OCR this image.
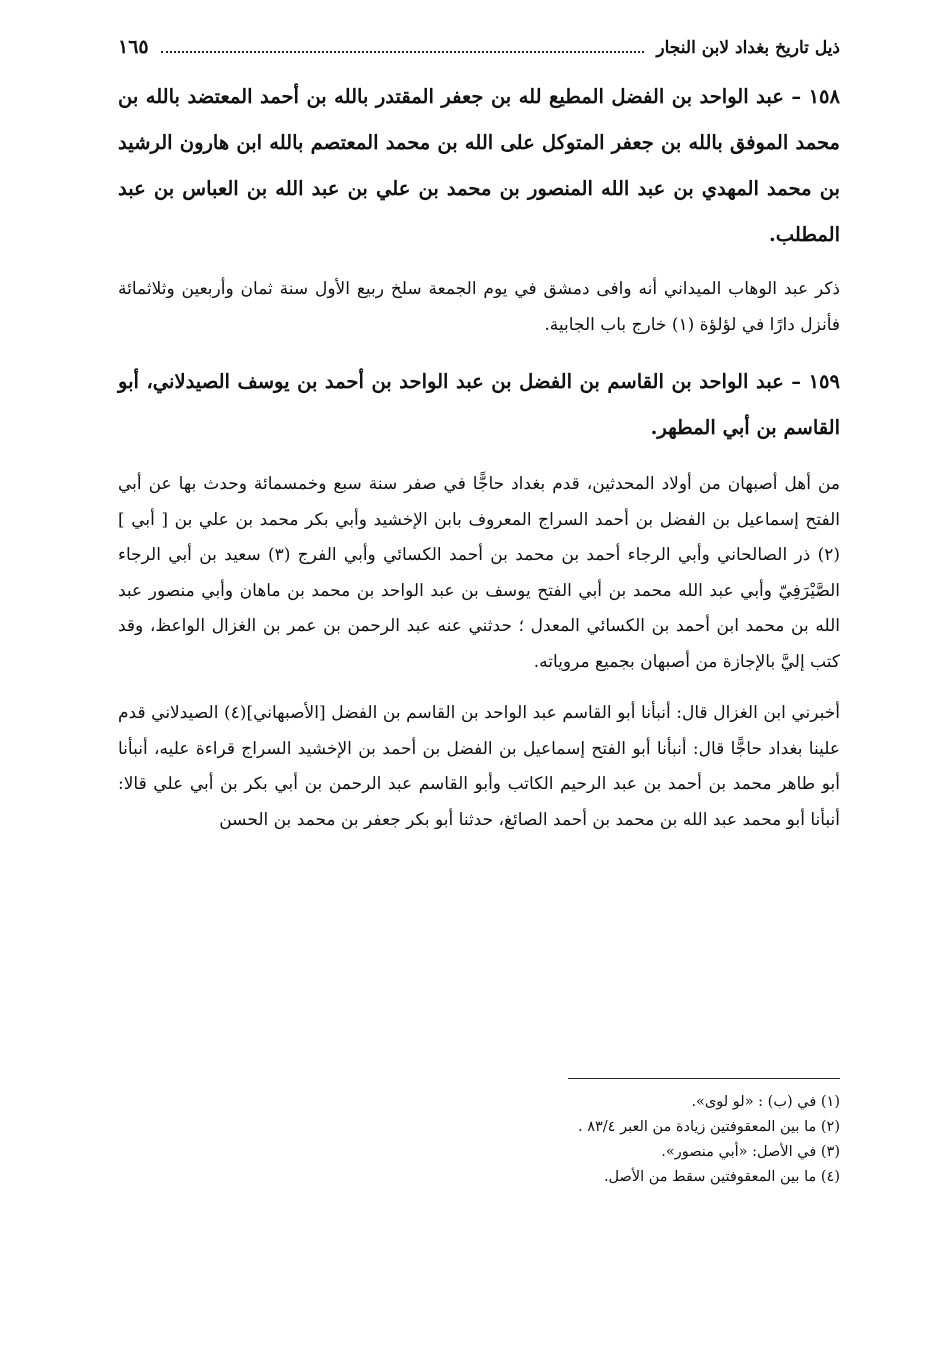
ذيل تاريخ بغداد لابن النجار
١٦٥

١٥٨ – عبد الواحد بن الفضل المطيع لله بن جعفر المقتدر بالله بن أحمد المعتضد بالله بن محمد الموفق بالله بن جعفر المتوكل على الله بن محمد المعتصم بالله ابن هارون الرشيد بن محمد المهدي بن عبد الله المنصور بن محمد بن علي بن عبد الله بن العباس بن عبد المطلب.

ذكر عبد الوهاب الميداني أنه وافى دمشق في يوم الجمعة سلخ ربيع الأول سنة ثمان وأربعين وثلاثمائة فأنزل دارًا في لؤلؤة (١) خارج باب الجابية.

١٥٩ – عبد الواحد بن القاسم بن الفضل بن عبد الواحد بن أحمد بن يوسف الصيدلاني، أبو القاسم بن أبي المطهر.

من أهل أصبهان من أولاد المحدثين، قدم بغداد حاجًّا في صفر سنة سبع وخمسمائة وحدث بها عن أبي الفتح إسماعيل بن الفضل بن أحمد السراج المعروف بابن الإخشيد وأبي بكر محمد بن علي بن [ أبي ] (٢) ذر الصالحاني وأبي الرجاء أحمد بن محمد بن أحمد الكسائي وأبي الفرج (٣) سعيد بن أبي الرجاء الصَّيْرَفِيّ وأبي عبد الله محمد بن أبي الفتح يوسف بن عبد الواحد بن محمد بن ماهان وأبي منصور عبد الله بن محمد ابن أحمد بن الكسائي المعدل ؛ حدثني عنه عبد الرحمن بن عمر بن الغزال الواعظ، وقد كتب إليَّ بالإجازة من أصبهان بجميع مروياته.

أخبرني ابن الغزال قال: أنبأنا أبو القاسم عبد الواحد بن القاسم بن الفضل [الأصبهاني](٤) الصيدلاني قدم علينا بغداد حاجًّا قال: أنبأنا أبو الفتح إسماعيل بن الفضل بن أحمد بن الإخشيد السراج قراءة عليه، أنبأنا أبو طاهر محمد بن أحمد بن عبد الرحيم الكاتب وأبو القاسم عبد الرحمن بن أبي بكر بن أبي علي قالا: أنبأنا أبو محمد عبد الله بن محمد بن أحمد الصائغ، حدثنا أبو بكر جعفر بن محمد بن الحسن

(١) في (ب) : «لو لوى».
(٢) ما بين المعقوفتين زيادة من العبر ٨٣/٤ .
(٣) في الأصل: «أبي منصور».
(٤) ما بين المعقوفتين سقط من الأصل.
